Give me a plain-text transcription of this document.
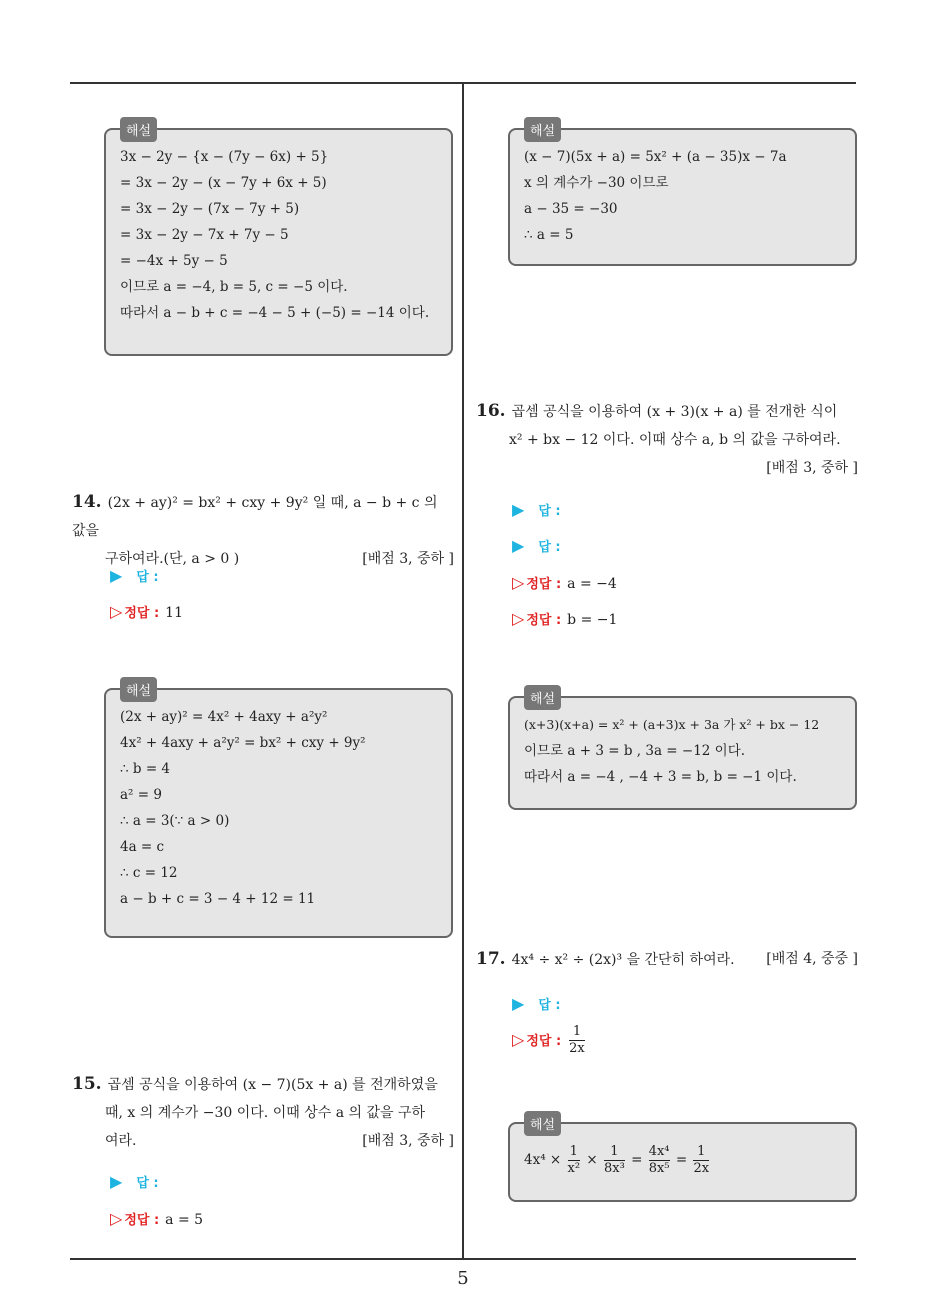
5
해설
3x − 2y − {x − (7y − 6x) + 5}
= 3x − 2y − (x − 7y + 6x + 5)
= 3x − 2y − (7x − 7y + 5)
= 3x − 2y − 7x + 7y − 5
= −4x + 5y − 5
이므로 a = −4, b = 5, c = −5 이다.
따라서 a − b + c = −4 − 5 + (−5) = −14 이다.
14. (2x + ay)² = bx² + cxy + 9y² 일 때, a − b + c 의 값을
구하여라.(단, a > 0 )	[배점 3, 중하 ]
▶ 답 :
▷ 정답 : 11
해설
(2x + ay)² = 4x² + 4axy + a²y²
4x² + 4axy + a²y² = bx² + cxy + 9y²
∴ b = 4
a² = 9
∴ a = 3(∵ a > 0)
4a = c
∴ c = 12
a − b + c = 3 − 4 + 12 = 11
15. 곱셈 공식을 이용하여 (x − 7)(5x + a) 를 전개하였을
때, x 의 계수가 −30 이다. 이때 상수 a 의 값을 구하
여라.	[배점 3, 중하 ]
▶ 답 :
▷ 정답 : a = 5
해설
(x − 7)(5x + a) = 5x² + (a − 35)x − 7a
x 의 계수가 −30 이므로
a − 35 = −30
∴ a = 5
16. 곱셈 공식을 이용하여 (x + 3)(x + a) 를 전개한 식이
x² + bx − 12 이다. 이때 상수 a, b 의 값을 구하여라.
[배점 3, 중하 ]
▶ 답 :
▶ 답 :
▷ 정답 : a = −4
▷ 정답 : b = −1
해설
(x+3)(x+a) = x² + (a+3)x + 3a 가 x² + bx − 12
이므로 a + 3 = b , 3a = −12 이다.
따라서 a = −4 , −4 + 3 = b, b = −1 이다.
17. 4x⁴ ÷ x² ÷ (2x)³ 을 간단히 하여라. [배점 4, 중중 ]
▶ 답 :
▷ 정답 : $\frac{1}{2x}$
해설
$4x^4 \times \frac{1}{\text{x²}} \times \frac{1}{\text{8x³}} = \frac{\text{4x⁴}}{\text{8x⁵}} = \frac{1}{2x}$
